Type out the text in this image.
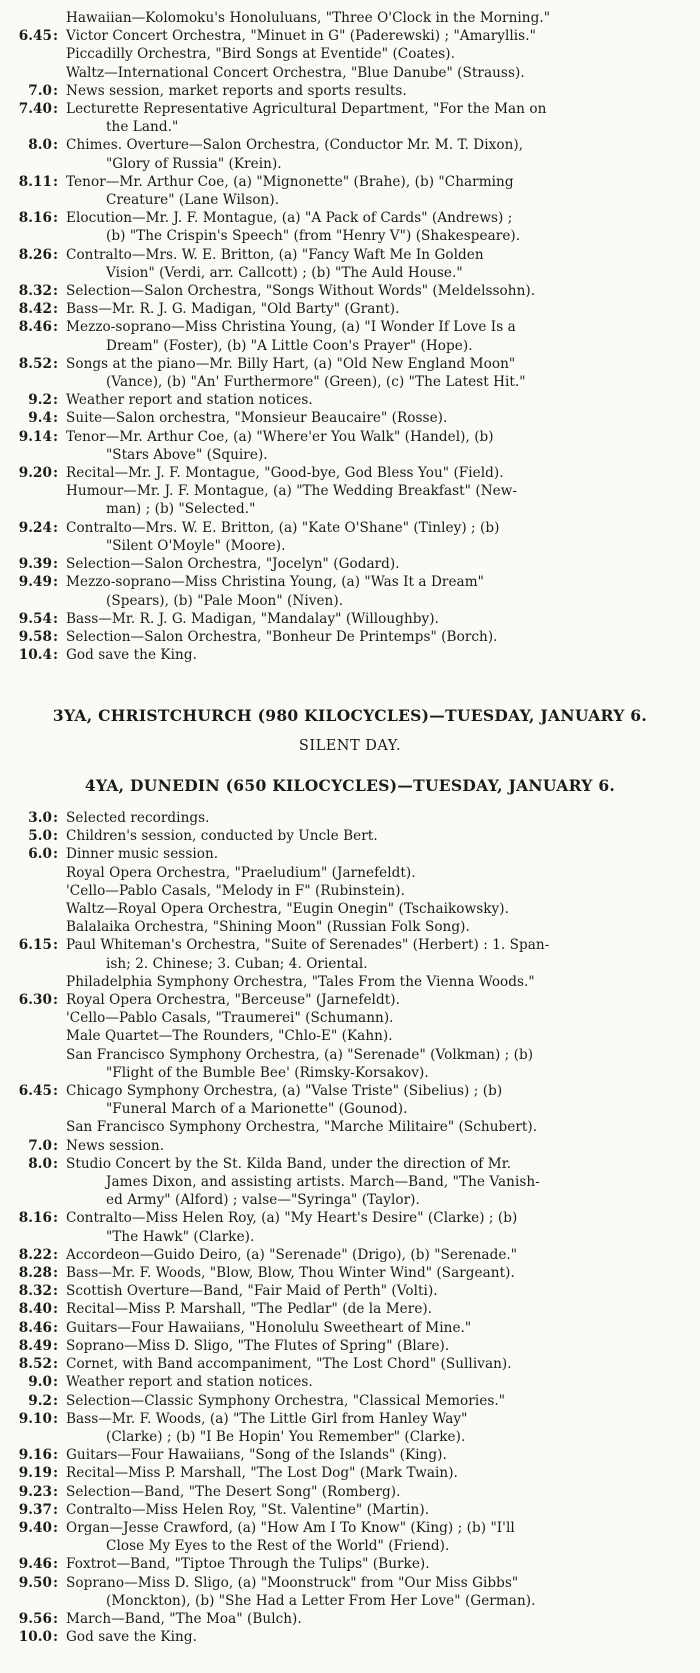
Hawaiian—Kolomoku's Honoluluans, "Three O'Clock in the Morning."
6.45 : Victor Concert Orchestra, "Minuet in G" (Paderewski) ; "Amaryllis."
Piccadilly Orchestra, "Bird Songs at Eventide" (Coates).
Waltz—International Concert Orchestra, "Blue Danube" (Strauss).
7.0 : News session, market reports and sports results.
7.40 : Lecturette Representative Agricultural Department, "For the Man on
the Land."
8.0 : Chimes. Overture—Salon Orchestra, (Conductor Mr. M. T. Dixon),
"Glory of Russia" (Krein).
8.11 : Tenor—Mr. Arthur Coe, (a) "Mignonette" (Brahe), (b) "Charming
Creature" (Lane Wilson).
8.16 : Elocution—Mr. J. F. Montague, (a) "A Pack of Cards" (Andrews) ;
(b) "The Crispin's Speech" (from "Henry V") (Shakespeare).
8.26 : Contralto—Mrs. W. E. Britton, (a) "Fancy Waft Me In Golden
Vision" (Verdi, arr. Callcott) ; (b) "The Auld House."
8.32 : Selection—Salon Orchestra, "Songs Without Words" (Meldelssohn).
8.42 : Bass—Mr. R. J. G. Madigan, "Old Barty" (Grant).
8.46 : Mezzo-soprano—Miss Christina Young, (a) "I Wonder If Love Is a
Dream" (Foster), (b) "A Little Coon's Prayer" (Hope).
8.52 : Songs at the piano—Mr. Billy Hart, (a) "Old New England Moon"
(Vance), (b) "An' Furthermore" (Green), (c) "The Latest Hit."
9.2 : Weather report and station notices.
9.4 : Suite—Salon orchestra, "Monsieur Beaucaire" (Rosse).
9.14 : Tenor—Mr. Arthur Coe, (a) "Where'er You Walk" (Handel), (b)
"Stars Above" (Squire).
9.20 : Recital—Mr. J. F. Montague, "Good-bye, God Bless You" (Field).
Humour—Mr. J. F. Montague, (a) "The Wedding Breakfast" (New-
man) ; (b) "Selected."
9.24 : Contralto—Mrs. W. E. Britton, (a) "Kate O'Shane" (Tinley) ; (b)
"Silent O'Moyle" (Moore).
9.39 : Selection—Salon Orchestra, "Jocelyn" (Godard).
9.49 : Mezzo-soprano—Miss Christina Young, (a) "Was It a Dream"
(Spears), (b) "Pale Moon" (Niven).
9.54 : Bass—Mr. R. J. G. Madigan, "Mandalay" (Willoughby).
9.58 : Selection—Salon Orchestra, "Bonheur De Printemps" (Borch).
10.4 : God save the King.
3YA, CHRISTCHURCH (980 KILOCYCLES)—TUESDAY, JANUARY 6.
SILENT DAY.
4YA, DUNEDIN (650 KILOCYCLES)—TUESDAY, JANUARY 6.
3.0 : Selected recordings.
5.0 : Children's session, conducted by Uncle Bert.
6.0 : Dinner music session.
Royal Opera Orchestra, "Praeludium" (Jarnefeldt).
'Cello—Pablo Casals, "Melody in F" (Rubinstein).
Waltz—Royal Opera Orchestra, "Eugin Onegin" (Tschaikowsky).
Balalaika Orchestra, "Shining Moon" (Russian Folk Song).
6.15 : Paul Whiteman's Orchestra, "Suite of Serenades" (Herbert) : 1. Span-
ish; 2. Chinese; 3. Cuban; 4. Oriental.
Philadelphia Symphony Orchestra, "Tales From the Vienna Woods."
6.30 : Royal Opera Orchestra, "Berceuse" (Jarnefeldt).
'Cello—Pablo Casals, "Traumerei" (Schumann).
Male Quartet—The Rounders, "Chlo-E" (Kahn).
San Francisco Symphony Orchestra, (a) "Serenade" (Volkman) ; (b)
"Flight of the Bumble Bee' (Rimsky-Korsakov).
6.45 : Chicago Symphony Orchestra, (a) "Valse Triste" (Sibelius) ; (b)
"Funeral March of a Marionette" (Gounod).
San Francisco Symphony Orchestra, "Marche Militaire" (Schubert).
7.0 : News session.
8.0 : Studio Concert by the St. Kilda Band, under the direction of Mr.
James Dixon, and assisting artists. March—Band, "The Vanish-
ed Army" (Alford) ; valse—"Syringa" (Taylor).
8.16 : Contralto—Miss Helen Roy, (a) "My Heart's Desire" (Clarke) ; (b)
"The Hawk" (Clarke).
8.22 : Accordeon—Guido Deiro, (a) "Serenade" (Drigo), (b) "Serenade."
8.28 : Bass—Mr. F. Woods, "Blow, Blow, Thou Winter Wind" (Sargeant).
8.32 : Scottish Overture—Band, "Fair Maid of Perth" (Volti).
8.40 : Recital—Miss P. Marshall, "The Pedlar" (de la Mere).
8.46 : Guitars—Four Hawaiians, "Honolulu Sweetheart of Mine."
8.49 : Soprano—Miss D. Sligo, "The Flutes of Spring" (Blare).
8.52 : Cornet, with Band accompaniment, "The Lost Chord" (Sullivan).
9.0 : Weather report and station notices.
9.2 : Selection—Classic Symphony Orchestra, "Classical Memories."
9.10 : Bass—Mr. F. Woods, (a) "The Little Girl from Hanley Way"
(Clarke) ; (b) "I Be Hopin' You Remember" (Clarke).
9.16 : Guitars—Four Hawaiians, "Song of the Islands" (King).
9.19 : Recital—Miss P. Marshall, "The Lost Dog" (Mark Twain).
9.23 : Selection—Band, "The Desert Song" (Romberg).
9.37 : Contralto—Miss Helen Roy, "St. Valentine" (Martin).
9.40 : Organ—Jesse Crawford, (a) "How Am I To Know" (King) ; (b) "I'll
Close My Eyes to the Rest of the World" (Friend).
9.46 : Foxtrot—Band, "Tiptoe Through the Tulips" (Burke).
9.50 : Soprano—Miss D. Sligo, (a) "Moonstruck" from "Our Miss Gibbs"
(Monckton), (b) "She Had a Letter From Her Love" (German).
9.56 : March—Band, "The Moa" (Bulch).
10.0 : God save the King.
